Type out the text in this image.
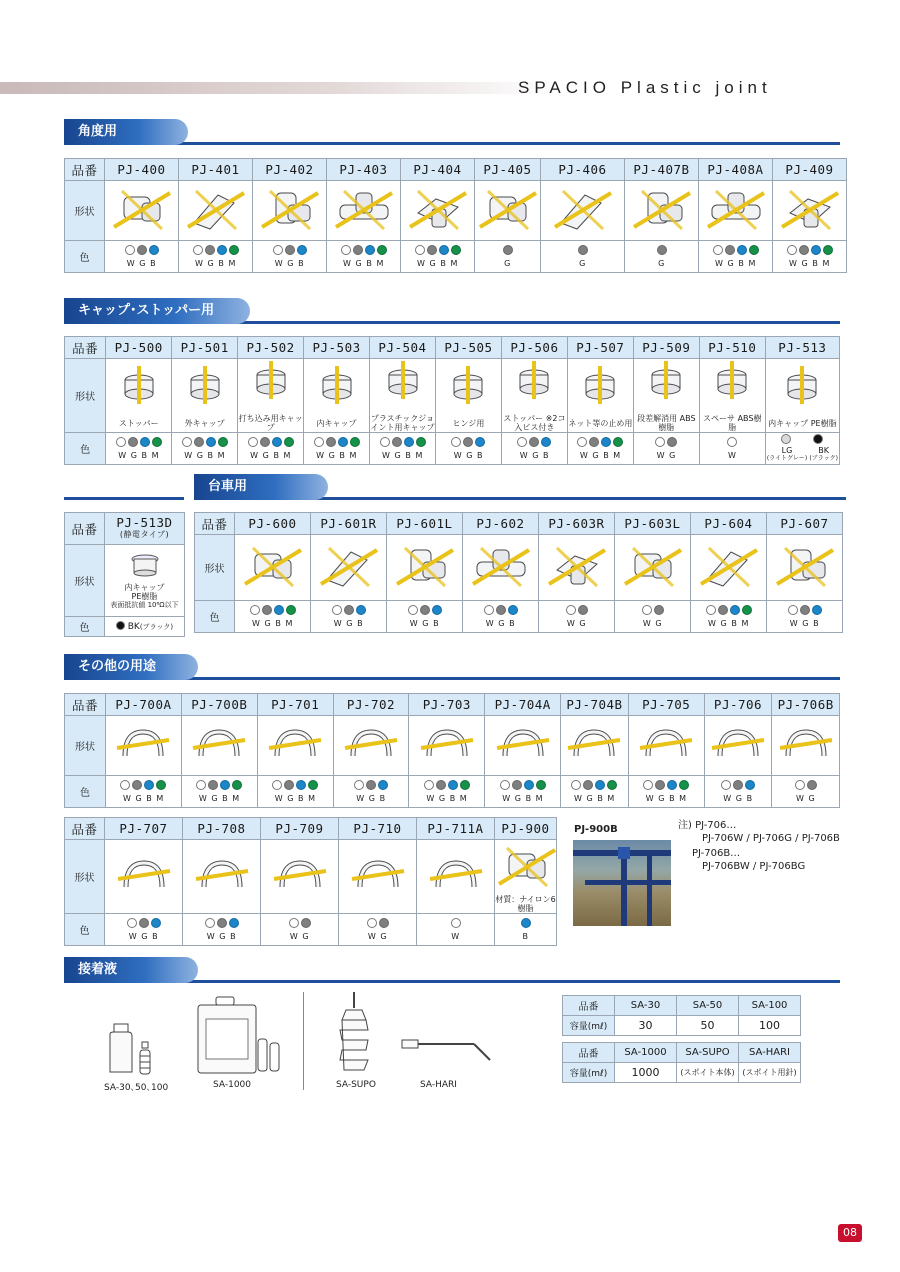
SPACIO Plastic joint
角度用
品番	PJ-400	PJ-401	PJ-402	PJ-403	PJ-404	PJ-405	PJ-406	PJ-407B	PJ-408A	PJ-409
形状										
色	WGB	WGBM	WGB	WGBM	WGBM	G	G	G	WGBM	WGBM
キャップ･ストッパー用
品番	PJ-500	PJ-501	PJ-502	PJ-503	PJ-504	PJ-505	PJ-506	PJ-507	PJ-509	PJ-510	PJ-513
形状	ストッパー	外キャップ	打ち込み用キャップ	内キャップ	プラスチックジョイント用キャップ	ヒンジ用	ストッパー ※2コ入ビス付き	ネット等の止め用	段差解消用 ABS樹脂	スペーサ ABS樹脂	内キャップ PE樹脂

色	WGBM	WGBM	WGBM	WGBM	WGBM	WGB	WGB	WGBM	WG	W	LG
(ライトグレー)
BK
(ブラック)
台車用
品番	PJ-513D
(静電タイプ)

形状	内キャップ
PE樹脂
表面抵抗値 10⁶Ω以下

色	BK(ブラック)
品番	PJ-600	PJ-601R	PJ-601L	PJ-602	PJ-603R	PJ-603L	PJ-604	PJ-607
形状								
色	WGBM	WGB	WGB	WGB	WG	WG	WGBM	WGB
その他の用途
品番	PJ-700A	PJ-700B	PJ-701	PJ-702	PJ-703	PJ-704A	PJ-704B	PJ-705	PJ-706	PJ-706B
形状										
色	WGBM	WGBM	WGBM	WGB	WGBM	WGBM	WGBM	WGBM	WGB	WG
品番	PJ-707	PJ-708	PJ-709	PJ-710	PJ-711A	PJ-900
形状						材質：ナイロン6樹脂

色	WGB	WGB	WG	WG	W	B
PJ-900B	注) PJ-706…
PJ-706W / PJ-706G / PJ-706B
PJ-706B…
PJ-706BW / PJ-706BG
接着液
SA-30､50､100	SA-1000	SA-SUPO	SA-HARI
品番	SA-30	SA-50	SA-100
容量(mℓ)	30	50	100
品番	SA-1000	SA-SUPO	SA-HARI
容量(mℓ)	1000	(スポイト本体)	(スポイト用針)
08
